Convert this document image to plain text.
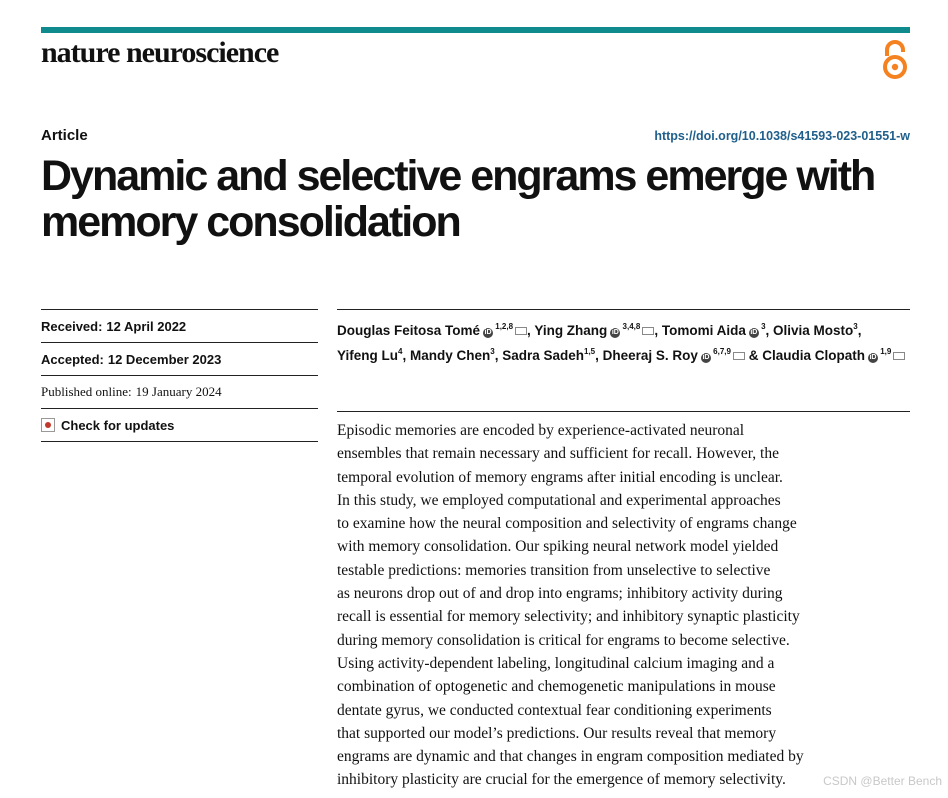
nature neuroscience
Article	https://doi.org/10.1038/s41593-023-01551-w
Dynamic and selective engrams emerge with memory consolidation
Received: 12 April 2022
Accepted: 12 December 2023
Published online: 19 January 2024
Check for updates
Douglas Feitosa Tomé iD $^{1,2,8}$ , Ying Zhang iD $^{3,4,8}$ , Tomomi Aida iD $^3$, Olivia Mosto$^3$, Yifeng Lu$^4$, Mandy Chen$^3$, Sadra Sadeh$^{1,5}$, Dheeraj S. Roy iD $^{6,7,9}$ & Claudia Clopath iD $^{1,9}$
Episodic memories are encoded by experience-activated neuronal
ensembles that remain necessary and sufficient for recall. However, the
temporal evolution of memory engrams after initial encoding is unclear.
In this study, we employed computational and experimental approaches
to examine how the neural composition and selectivity of engrams change
with memory consolidation. Our spiking neural network model yielded
testable predictions: memories transition from unselective to selective
as neurons drop out of and drop into engrams; inhibitory activity during
recall is essential for memory selectivity; and inhibitory synaptic plasticity
during memory consolidation is critical for engrams to become selective.
Using activity-dependent labeling, longitudinal calcium imaging and a
combination of optogenetic and chemogenetic manipulations in mouse
dentate gyrus, we conducted contextual fear conditioning experiments
that supported our model’s predictions. Our results reveal that memory
engrams are dynamic and that changes in engram composition mediated by
inhibitory plasticity are crucial for the emergence of memory selectivity.	CSDN @Better Bench
